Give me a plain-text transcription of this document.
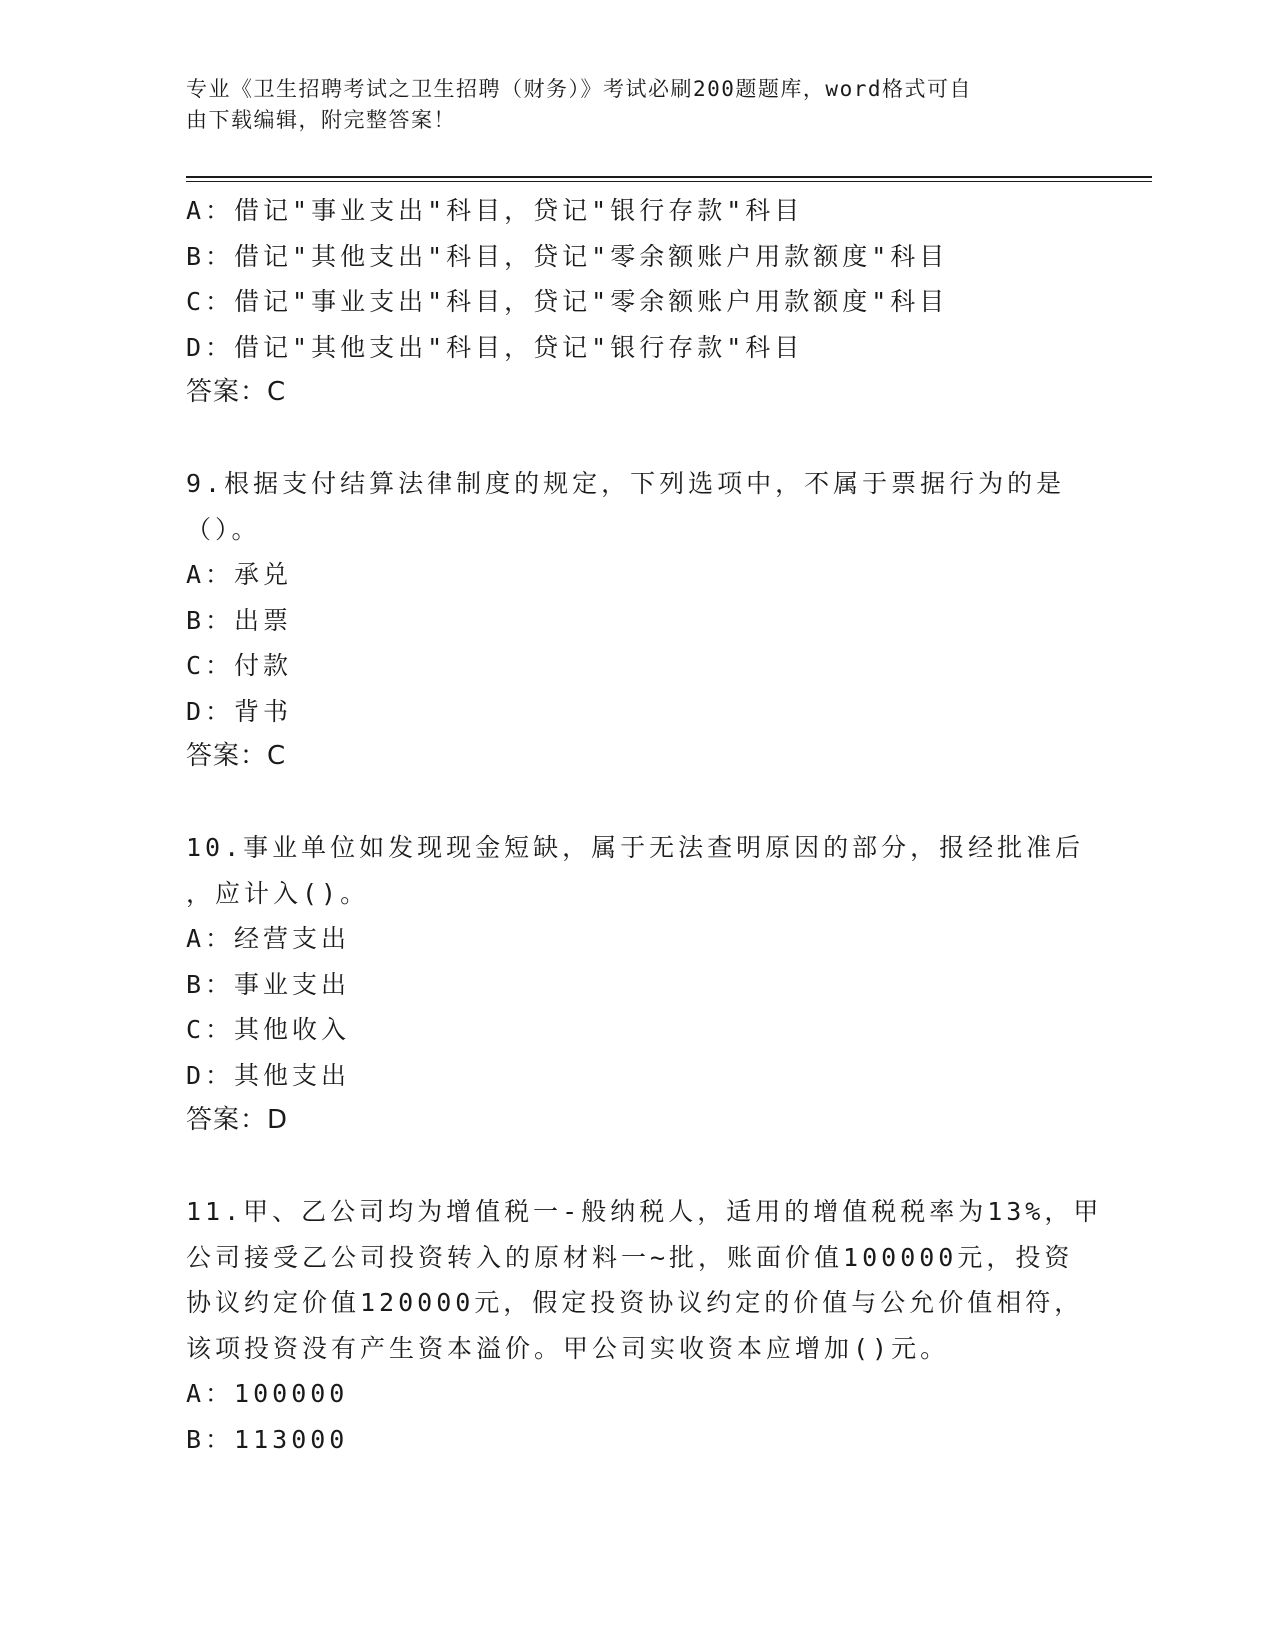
专业《卫生招聘考试之卫生招聘（财务）》考试必刷200题题库，word格式可自
由下载编辑，附完整答案！
A：借记"事业支出"科目，贷记"银行存款"科目
B：借记"其他支出"科目，贷记"零余额账户用款额度"科目
C：借记"事业支出"科目，贷记"零余额账户用款额度"科目
D：借记"其他支出"科目，贷记"银行存款"科目
答案：C
9.根据支付结算法律制度的规定，下列选项中，不属于票据行为的是
（）。
A：承兑
B：出票
C：付款
D：背书
答案：C
10.事业单位如发现现金短缺，属于无法查明原因的部分，报经批准后
，应计入()。
A：经营支出
B：事业支出
C：其他收入
D：其他支出
答案：D
11.甲、乙公司均为增值税一-般纳税人，适用的增值税税率为13%，甲
公司接受乙公司投资转入的原材料一~批，账面价值100000元，投资
协议约定价值120000元，假定投资协议约定的价值与公允价值相符，
该项投资没有产生资本溢价。甲公司实收资本应增加()元。
A：100000
B：113000
